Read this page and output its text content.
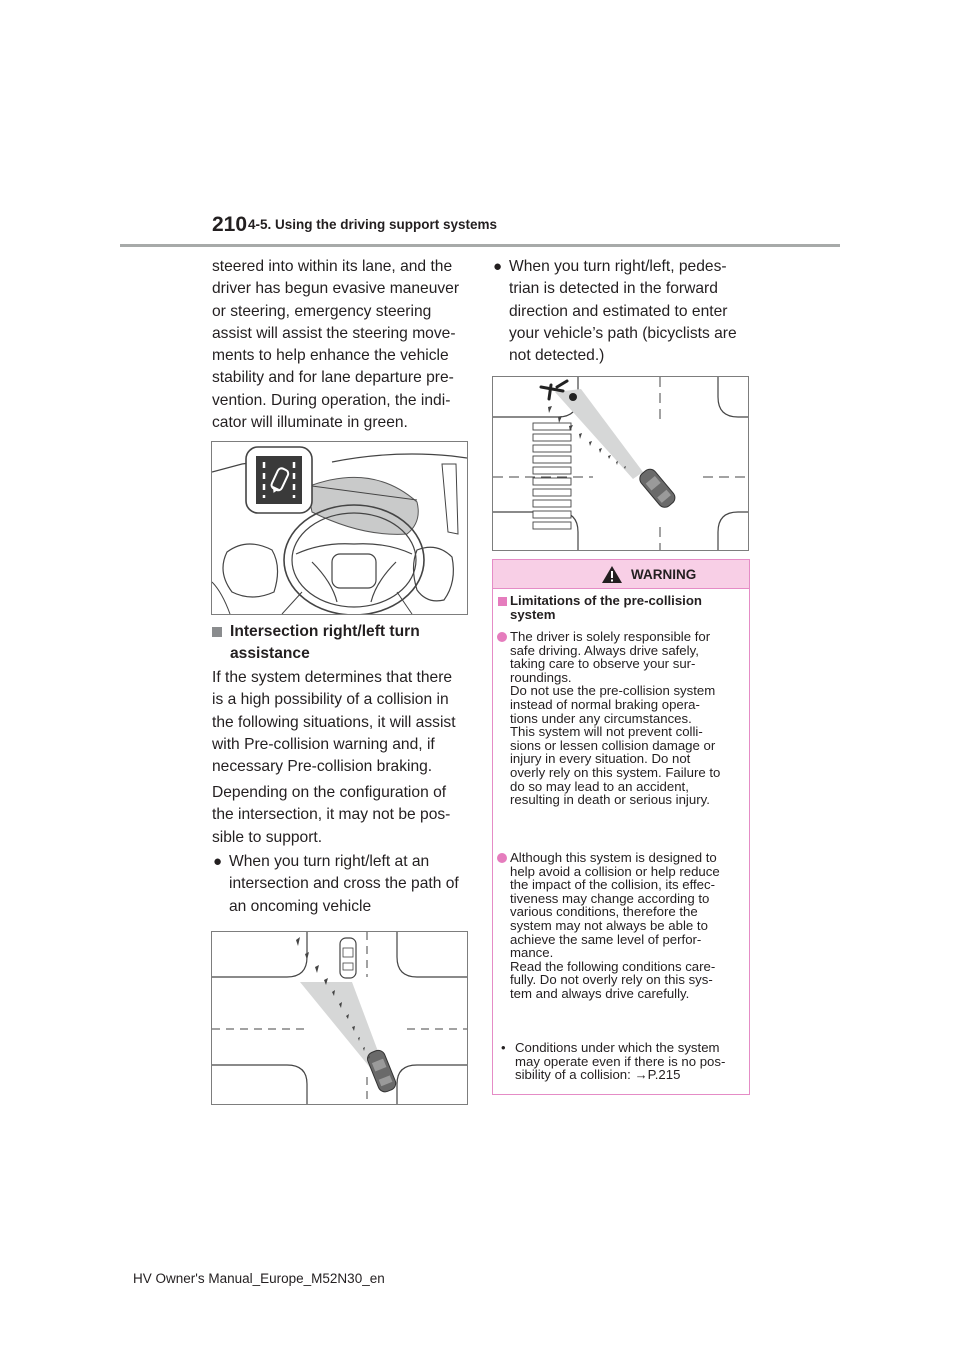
210 4-5. Using the driving support systems
steered into within its lane, and the
driver has begun evasive maneuver
or steering, emergency steering
assist will assist the steering move-
ments to help enhance the vehicle
stability and for lane departure pre-
vention. During operation, the indi-
cator will illuminate in green.
Intersection right/left turn
assistance
If the system determines that there
is a high possibility of a collision in
the following situations, it will assist
with Pre-collision warning and, if
necessary Pre-collision braking.
Depending on the configuration of
the intersection, it may not be pos-
sible to support.
● When you turn right/left at an
intersection and cross the path of
an oncoming vehicle
● When you turn right/left, pedes-
trian is detected in the forward
direction and estimated to enter
your vehicle’s path (bicyclists are
not detected.)
WARNING
Limitations of the pre-collision
system
The driver is solely responsible for
safe driving. Always drive safely,
taking care to observe your sur-
roundings.
Do not use the pre-collision system
instead of normal braking opera-
tions under any circumstances.
This system will not prevent colli-
sions or lessen collision damage or
injury in every situation. Do not
overly rely on this system. Failure to
do so may lead to an accident,
resulting in death or serious injury.
Although this system is designed to
help avoid a collision or help reduce
the impact of the collision, its effec-
tiveness may change according to
various conditions, therefore the
system may not always be able to
achieve the same level of perfor-
mance.
Read the following conditions care-
fully. Do not overly rely on this sys-
tem and always drive carefully.
• Conditions under which the system
may operate even if there is no pos-
sibility of a collision: →P.215
HV Owner's Manual_Europe_M52N30_en
